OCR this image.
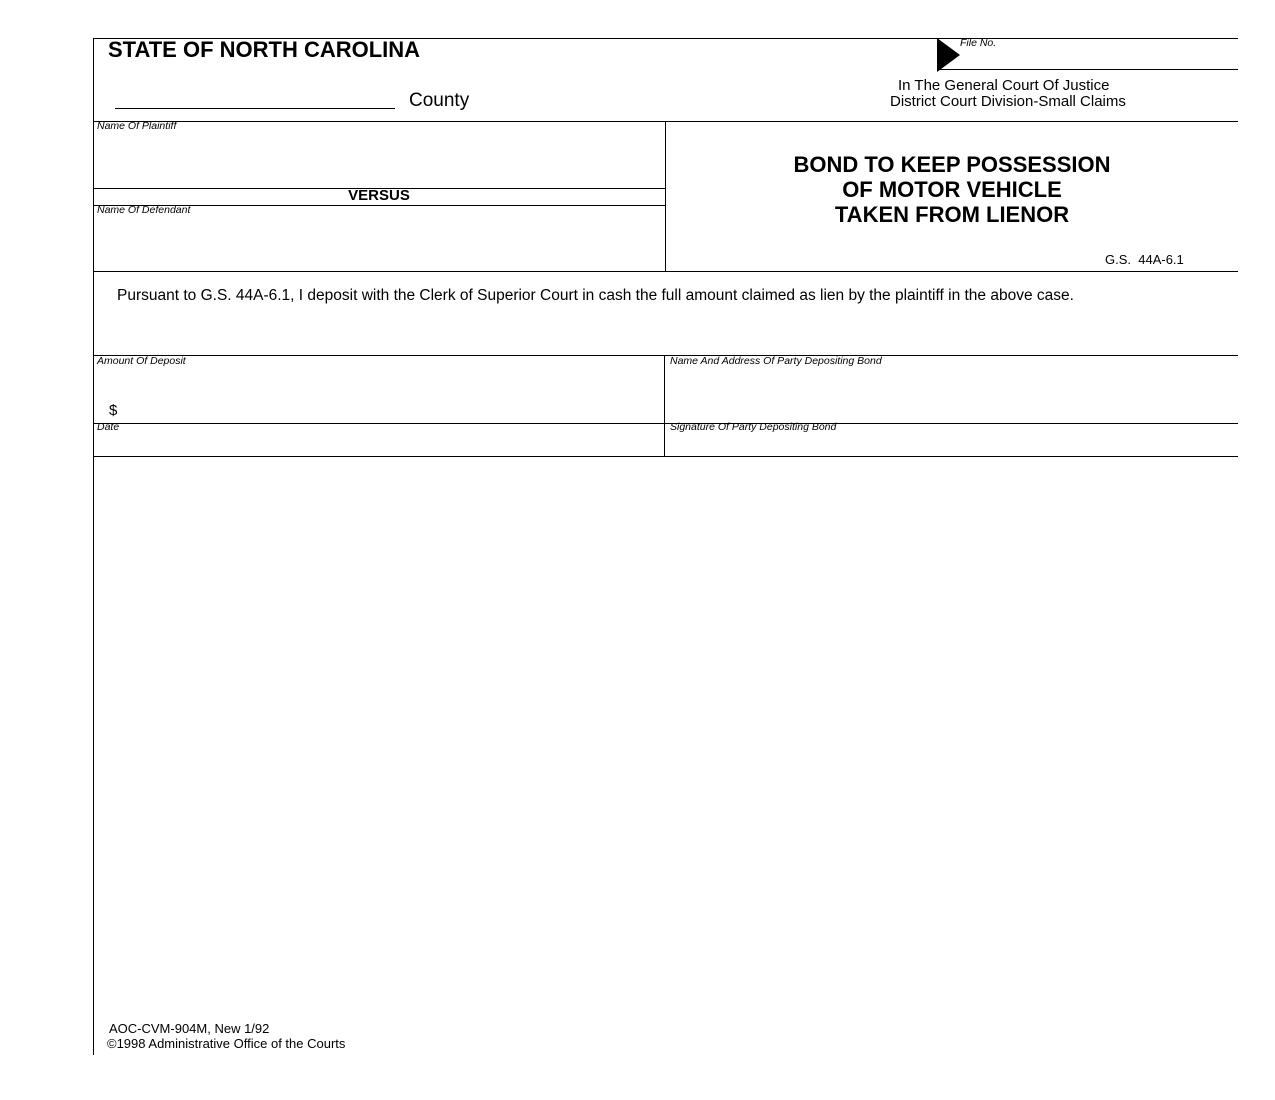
STATE OF NORTH CAROLINA
County
File No.
In The General Court Of Justice
District Court Division-Small Claims
Name Of Plaintiff
VERSUS
Name Of Defendant
BOND TO KEEP POSSESSION
OF MOTOR VEHICLE
TAKEN FROM LIENOR
G.S.  44A-6.1
Pursuant to G.S. 44A-6.1, I deposit with the Clerk of Superior Court in cash the full amount claimed as lien by the plaintiff in the above case.
Amount Of Deposit
$
Name And Address Of Party Depositing Bond
Date	Signature Of Party Depositing Bond
AOC-CVM-904M, New 1/92
©1998 Administrative Office of the Courts
